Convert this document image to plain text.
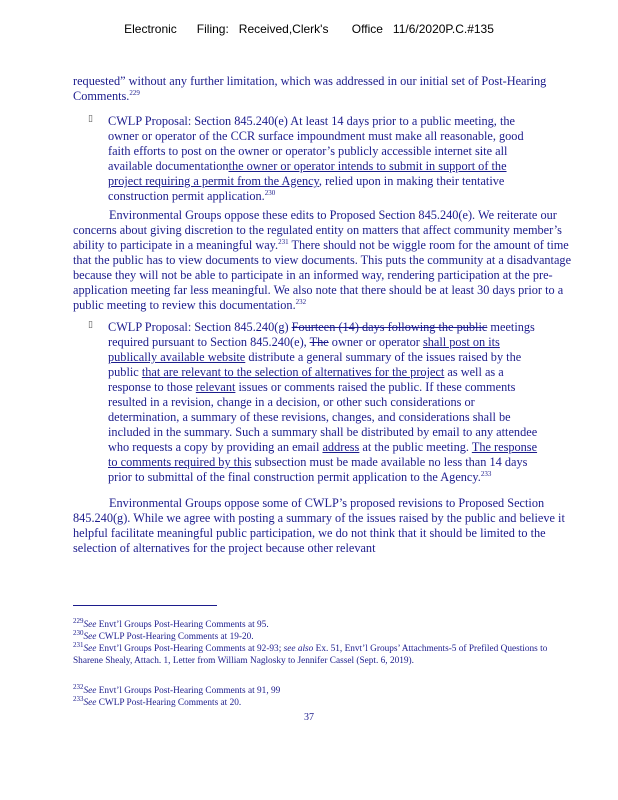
Electronic      Filing:   Received,Clerk's       Office   11/6/2020P.C.#135

requested” without any further limitation, which was addressed in our initial set of Post-Hearing Comments.$^{229}$

▯ CWLP Proposal: Section 845.240(e) At least 14 days prior to a public meeting, the owner or operator of the CCR surface impoundment must make all reasonable, good faith efforts to post on the owner or operator’s publicly accessible internet site all available documentationthe owner or operator intends to submit in support of the project requiring a permit from the Agency, relied upon in making their tentative construction permit application.$^{230}$

Environmental Groups oppose these edits to Proposed Section 845.240(e). We reiterate our concerns about giving discretion to the regulated entity on matters that affect community member’s ability to participate in a meaningful way.$^{231}$ There should not be wiggle room for the amount of time that the public has to view documents to view documents. This puts the community at a disadvantage because they will not be able to participate in an informed way, rendering participation at the pre-application meeting far less meaningful. We also note that there should be at least 30 days prior to a public meeting to review this documentation.$^{232}$

▯ CWLP Proposal: Section 845.240(g) Fourteen (14) days following the public meetings required pursuant to Section 845.240(e), The owner or operator shall post on its publically available website distribute a general summary of the issues raised by the public that are relevant to the selection of alternatives for the project as well as a response to those relevant issues or comments raised the public. If these comments resulted in a revision, change in a decision, or other such considerations or determination, a summary of these revisions, changes, and considerations shall be included in the summary. Such a summary shall be distributed by email to any attendee who requests a copy by providing an email address at the public meeting. The response to comments required by this subsection must be made available no less than 14 days prior to submittal of the final construction permit application to the Agency.$^{233}$

Environmental Groups oppose some of CWLP’s proposed revisions to Proposed Section 845.240(g). While we agree with posting a summary of the issues raised by the public and believe it helpful facilitate meaningful public participation, we do not think that it should be limited to the selection of alternatives for the project because other relevant

$^{229}$See Envt’l Groups Post-Hearing Comments at 95.
$^{230}$See CWLP Post-Hearing Comments at 19-20.
$^{231}$See Envt’l Groups Post-Hearing Comments at 92-93; see also Ex. 51, Envt’l Groups’ Attachments-5 of Prefiled Questions to Sharene Shealy, Attach. 1, Letter from William Naglosky to Jennifer Cassel (Sept. 6, 2019).
$^{232}$See Envt’l Groups Post-Hearing Comments at 91, 99
$^{233}$See CWLP Post-Hearing Comments at 20.
37
